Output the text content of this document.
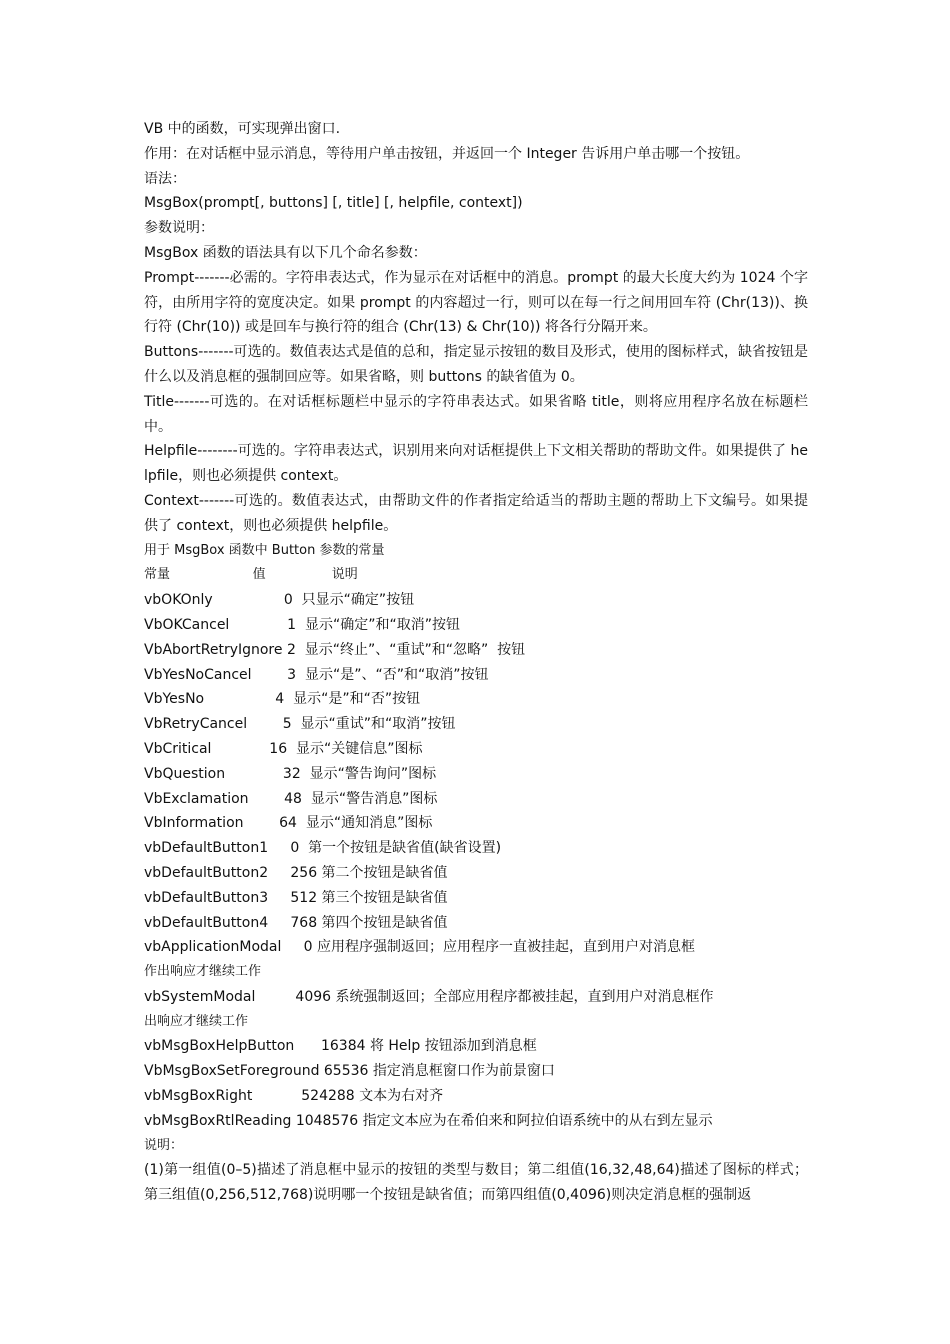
VB 中的函数，可实现弹出窗口.
作用：在对话框中显示消息，等待用户单击按钮，并返回一个 Integer 告诉用户单击哪一个按钮。
语法：
MsgBox(prompt[, buttons] [, title] [, helpfile, context])
参数说明：
MsgBox 函数的语法具有以下几个命名参数：
Prompt-------必需的。字符串表达式，作为显示在对话框中的消息。prompt 的最大长度大约为 1024 个字符，由所用字符的宽度决定。如果 prompt 的内容超过一行，则可以在每一行之间用回车符 (Chr(13))、换行符 (Chr(10)) 或是回车与换行符的组合 (Chr(13) & Chr(10)) 将各行分隔开来。
Buttons-------可选的。数值表达式是值的总和，指定显示按钮的数目及形式，使用的图标样式，缺省按钮是什么以及消息框的强制回应等。如果省略，则 buttons 的缺省值为 0。
Title-------可选的。在对话框标题栏中显示的字符串表达式。如果省略 title，则将应用程序名放在标题栏中。
Helpfile--------可选的。字符串表达式，识别用来向对话框提供上下文相关帮助的帮助文件。如果提供了 helpfile，则也必须提供 context。
Context-------可选的。数值表达式，由帮助文件的作者指定给适当的帮助主题的帮助上下文编号。如果提供了 context，则也必须提供 helpfile。
用于 MsgBox 函数中 Button 参数的常量
常量                    值                说明
vbOKOnly                0  只显示“确定”按钮
VbOKCancel             1  显示“确定”和“取消”按钮
VbAbortRetryIgnore 2  显示“终止”、“重试”和“忽略”  按钮
VbYesNoCancel        3  显示“是”、“否”和“取消”按钮
VbYesNo                4  显示“是”和“否”按钮
VbRetryCancel        5  显示“重试”和“取消”按钮
VbCritical             16  显示“关键信息”图标
VbQuestion             32  显示“警告询问”图标
VbExclamation        48  显示“警告消息”图标
VbInformation        64  显示“通知消息”图标
vbDefaultButton1     0  第一个按钮是缺省值(缺省设置)
vbDefaultButton2     256 第二个按钮是缺省值
vbDefaultButton3     512 第三个按钮是缺省值
vbDefaultButton4     768 第四个按钮是缺省值
vbApplicationModal     0 应用程序强制返回；应用程序一直被挂起，直到用户对消息框
作出响应才继续工作
vbSystemModal         4096 系统强制返回；全部应用程序都被挂起，直到用户对消息框作
出响应才继续工作
vbMsgBoxHelpButton      16384 将 Help 按钮添加到消息框
VbMsgBoxSetForeground 65536 指定消息框窗口作为前景窗口
vbMsgBoxRight           524288 文本为右对齐
vbMsgBoxRtlReading 1048576 指定文本应为在希伯来和阿拉伯语系统中的从右到左显示
说明：
(1)第一组值(0–5)描述了消息框中显示的按钮的类型与数目；第二组值(16,32,48,64)描述了图标的样式；第三组值(0,256,512,768)说明哪一个按钮是缺省值；而第四组值(0,4096)则决定消息框的强制返
